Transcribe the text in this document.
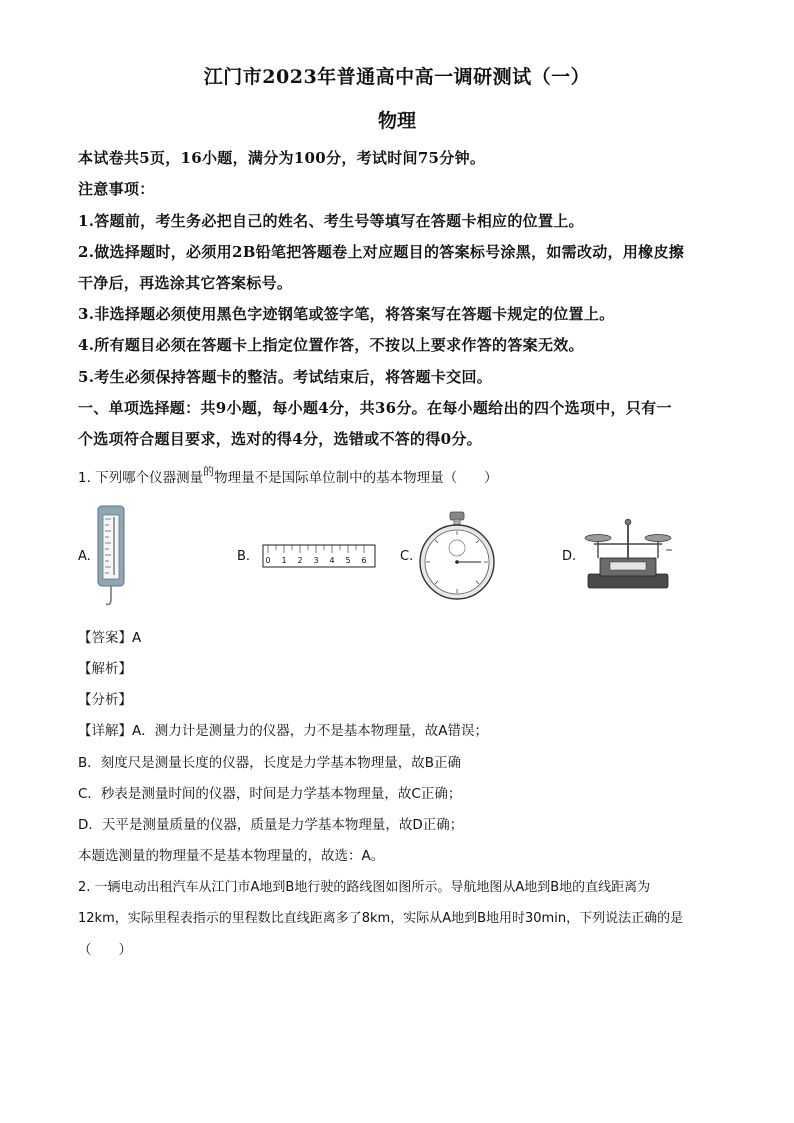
江门市2023年普通高中高一调研测试（一）
物理
本试卷共5页，16小题，满分为100分，考试时间75分钟。
注意事项：
1.答题前，考生务必把自己的姓名、考生号等填写在答题卡相应的位置上。
2.做选择题时，必须用2B铅笔把答题卷上对应题目的答案标号涂黑，如需改动，用橡皮擦
干净后，再选涂其它答案标号。
3.非选择题必须使用黑色字迹钢笔或签字笔，将答案写在答题卡规定的位置上。
4.所有题目必须在答题卡上指定位置作答，不按以上要求作答的答案无效。
5.考生必须保持答题卡的整洁。考试结束后，将答题卡交回。
一、单项选择题：共9小题，每小题4分，共36分。在每小题给出的四个选项中，只有一
个选项符合题目要求，选对的得4分，选错或不答的得0分。
1. 下列哪个仪器测量$^的$物理量不是国际单位制中的基本物理量（　　）
A.	B. 0 1 2 3 4 5 6	C.	D.
【答案】A
【解析】
【分析】
【详解】A．测力计是测量力的仪器，力不是基本物理量，故A错误；
B．刻度尺是测量长度的仪器，长度是力学基本物理量，故B正确
C．秒表是测量时间的仪器，时间是力学基本物理量，故C正确；
D．天平是测量质量的仪器，质量是力学基本物理量，故D正确；
本题选测量的物理量不是基本物理量的，故选：A。
2. 一辆电动出租汽车从江门市A地到B地行驶的路线图如图所示。导航地图从A地到B地的直线距离为
12km，实际里程表指示的里程数比直线距离多了8km，实际从A地到B地用时30min，下列说法正确的是
（　　）
